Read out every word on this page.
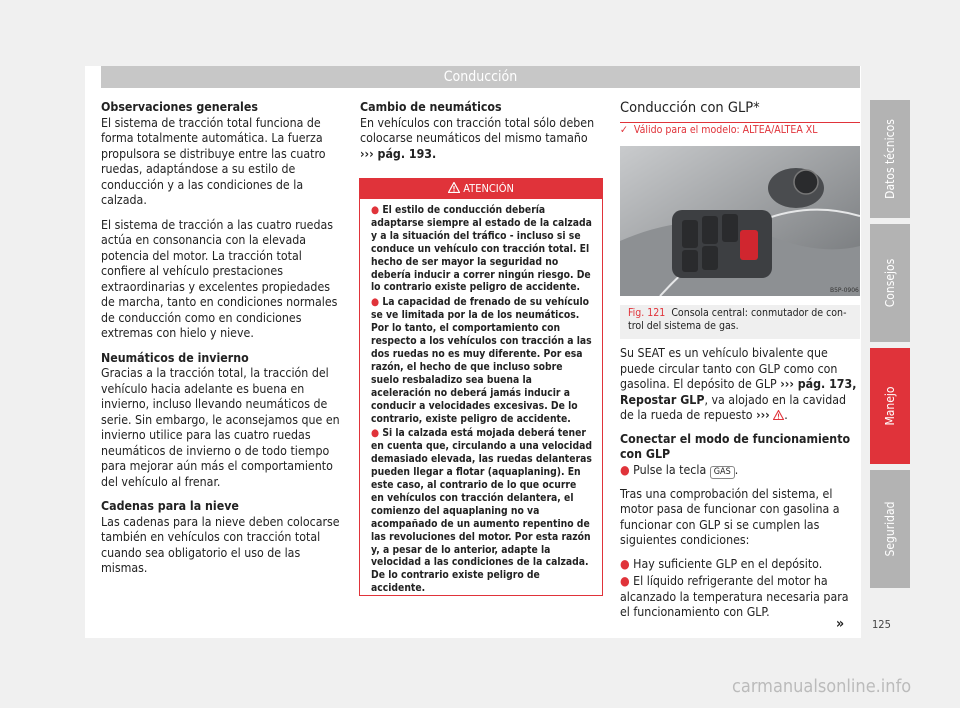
Conducción

Observaciones generales
El sistema de tracción total funciona de forma totalmente automática. La fuerza propulsora se distribuye entre las cuatro ruedas, adaptándose a su estilo de conducción y a las condiciones de la calzada.

El sistema de tracción a las cuatro ruedas actúa en consonancia con la elevada potencia del motor. La tracción total confiere al vehículo prestaciones extraordinarias y excelentes propiedades de marcha, tanto en condiciones normales de conducción como en condiciones extremas con hielo y nieve.

Neumáticos de invierno
Gracias a la tracción total, la tracción del vehículo hacia adelante es buena en invierno, incluso llevando neumáticos de serie. Sin embargo, le aconsejamos que en invierno utilice para las cuatro ruedas neumáticos de invierno o de todo tiempo para mejorar aún más el comportamiento del vehículo al frenar.

Cadenas para la nieve
Las cadenas para la nieve deben colocarse también en vehículos con tracción total cuando sea obligatorio el uso de las mismas.

Cambio de neumáticos
En vehículos con tracción total sólo deben colocarse neumáticos del mismo tamaño
››› pág. 193.

ATENCIÓN
● El estilo de conducción debería adaptarse siempre al estado de la calzada y a la situación del tráfico - incluso si se conduce un vehículo con tracción total. El hecho de ser mayor la seguridad no debería inducir a correr ningún riesgo. De lo contrario existe peligro de accidente.
● La capacidad de frenado de su vehículo se ve limitada por la de los neumáticos. Por lo tanto, el comportamiento con respecto a los vehículos con tracción a las dos ruedas no es muy diferente. Por esa razón, el hecho de que incluso sobre suelo resbaladizo sea buena la aceleración no deberá jamás inducir a conducir a velocidades excesivas. De lo contrario, existe peligro de accidente.
● Si la calzada está mojada deberá tener en cuenta que, circulando a una velocidad demasiado elevada, las ruedas delanteras pueden llegar a flotar (aquaplaning). En este caso, al contrario de lo que ocurre en vehículos con tracción delantera, el comienzo del aquaplaning no va acompañado de un aumento repentino de las revoluciones del motor. Por esta razón y, a pesar de lo anterior, adapte la velocidad a las condiciones de la calzada. De lo contrario existe peligro de accidente.
Conducción con GLP*
✓ Válido para el modelo: ALTEA/ALTEA XL
B5P-0906
Fig. 121 Consola central: conmutador de control del sistema de gas.

Su SEAT es un vehículo bivalente que puede circular tanto con GLP como con gasolina. El depósito de GLP ››› pág. 173, Repostar GLP, va alojado en la cavidad de la rueda de repuesto ››› .

Conectar el modo de funcionamiento con GLP

● Pulse la tecla GAS .

Tras una comprobación del sistema, el motor pasa de funcionar con gasolina a funcionar con GLP si se cumplen las siguientes condiciones:

● Hay suficiente GLP en el depósito.

● El líquido refrigerante del motor ha alcanzado la temperatura necesaria para el funcionamiento con GLP.

»
Datos técnicos
Consejos
Manejo
Seguridad
125
carmanualsonline.info
